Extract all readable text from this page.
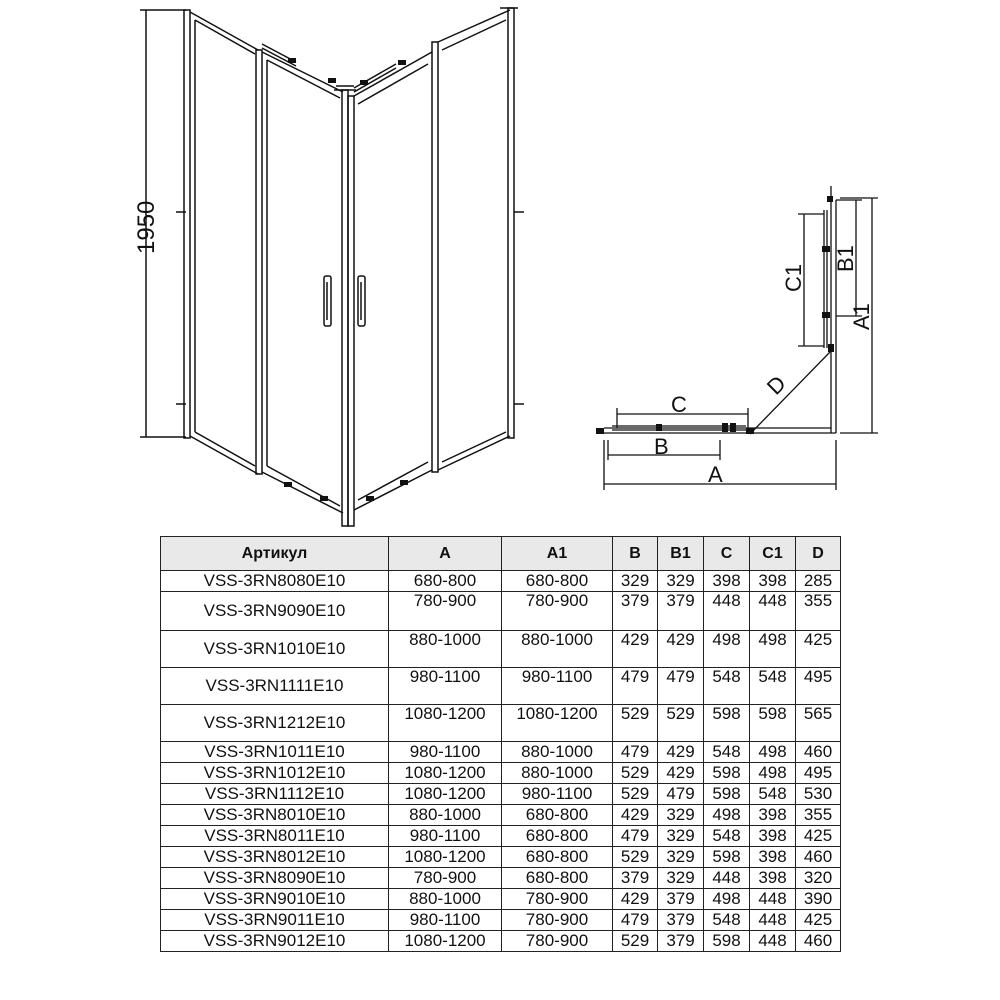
1950
C
B
A
D
C1
B1
A1
Артикул	A	A1	B	B1	C	C1	D
VSS-3RN8080E10	680-800	680-800	329	329	398	398	285
VSS-3RN9090E10	780-900	780-900	379	379	448	448	355
VSS-3RN1010E10	880-1000	880-1000	429	429	498	498	425
VSS-3RN1111E10	980-1100	980-1100	479	479	548	548	495
VSS-3RN1212E10	1080-1200	1080-1200	529	529	598	598	565
VSS-3RN1011E10	980-1100	880-1000	479	429	548	498	460
VSS-3RN1012E10	1080-1200	880-1000	529	429	598	498	495
VSS-3RN1112E10	1080-1200	980-1100	529	479	598	548	530
VSS-3RN8010E10	880-1000	680-800	429	329	498	398	355
VSS-3RN8011E10	980-1100	680-800	479	329	548	398	425
VSS-3RN8012E10	1080-1200	680-800	529	329	598	398	460
VSS-3RN8090E10	780-900	680-800	379	329	448	398	320
VSS-3RN9010E10	880-1000	780-900	429	379	498	448	390
VSS-3RN9011E10	980-1100	780-900	479	379	548	448	425
VSS-3RN9012E10	1080-1200	780-900	529	379	598	448	460
